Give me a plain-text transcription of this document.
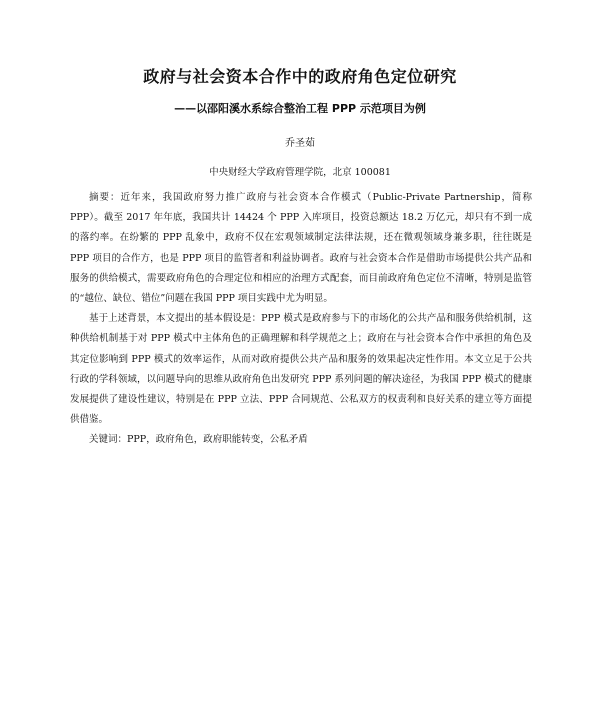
政府与社会资本合作中的政府角色定位研究
——以邵阳溪水系综合整治工程 PPP 示范项目为例
乔圣茹
中央财经大学政府管理学院，北京 100081

摘要：近年来，我国政府努力推广政府与社会资本合作模式（Public-Private Partnership，简称 PPP）。截至 2017 年年底，我国共计 14424 个 PPP 入库项目，投资总额达 18.2 万亿元，却只有不到一成的落约率。在纷繁的 PPP 乱象中，政府不仅在宏观领域制定法律法规，还在微观领域身兼多职，往往既是 PPP 项目的合作方，也是 PPP 项目的监管者和利益协调者。政府与社会资本合作是借助市场提供公共产品和服务的供给模式，需要政府角色的合理定位和相应的治理方式配套，而目前政府角色定位不清晰，特别是监管的“越位、缺位、错位”问题在我国 PPP 项目实践中尤为明显。

基于上述背景，本文提出的基本假设是：PPP 模式是政府参与下的市场化的公共产品和服务供给机制，这种供给机制基于对 PPP 模式中主体角色的正确理解和科学规范之上；政府在与社会资本合作中承担的角色及其定位影响到 PPP 模式的效率运作，从而对政府提供公共产品和服务的效果起决定性作用。本文立足于公共行政的学科领域，以问题导向的思维从政府角色出发研究 PPP 系列问题的解决途径，为我国 PPP 模式的健康发展提供了建设性建议，特别是在 PPP 立法、PPP 合同规范、公私双方的权责利和良好关系的建立等方面提供借鉴。

关键词：PPP，政府角色，政府职能转变，公私矛盾
